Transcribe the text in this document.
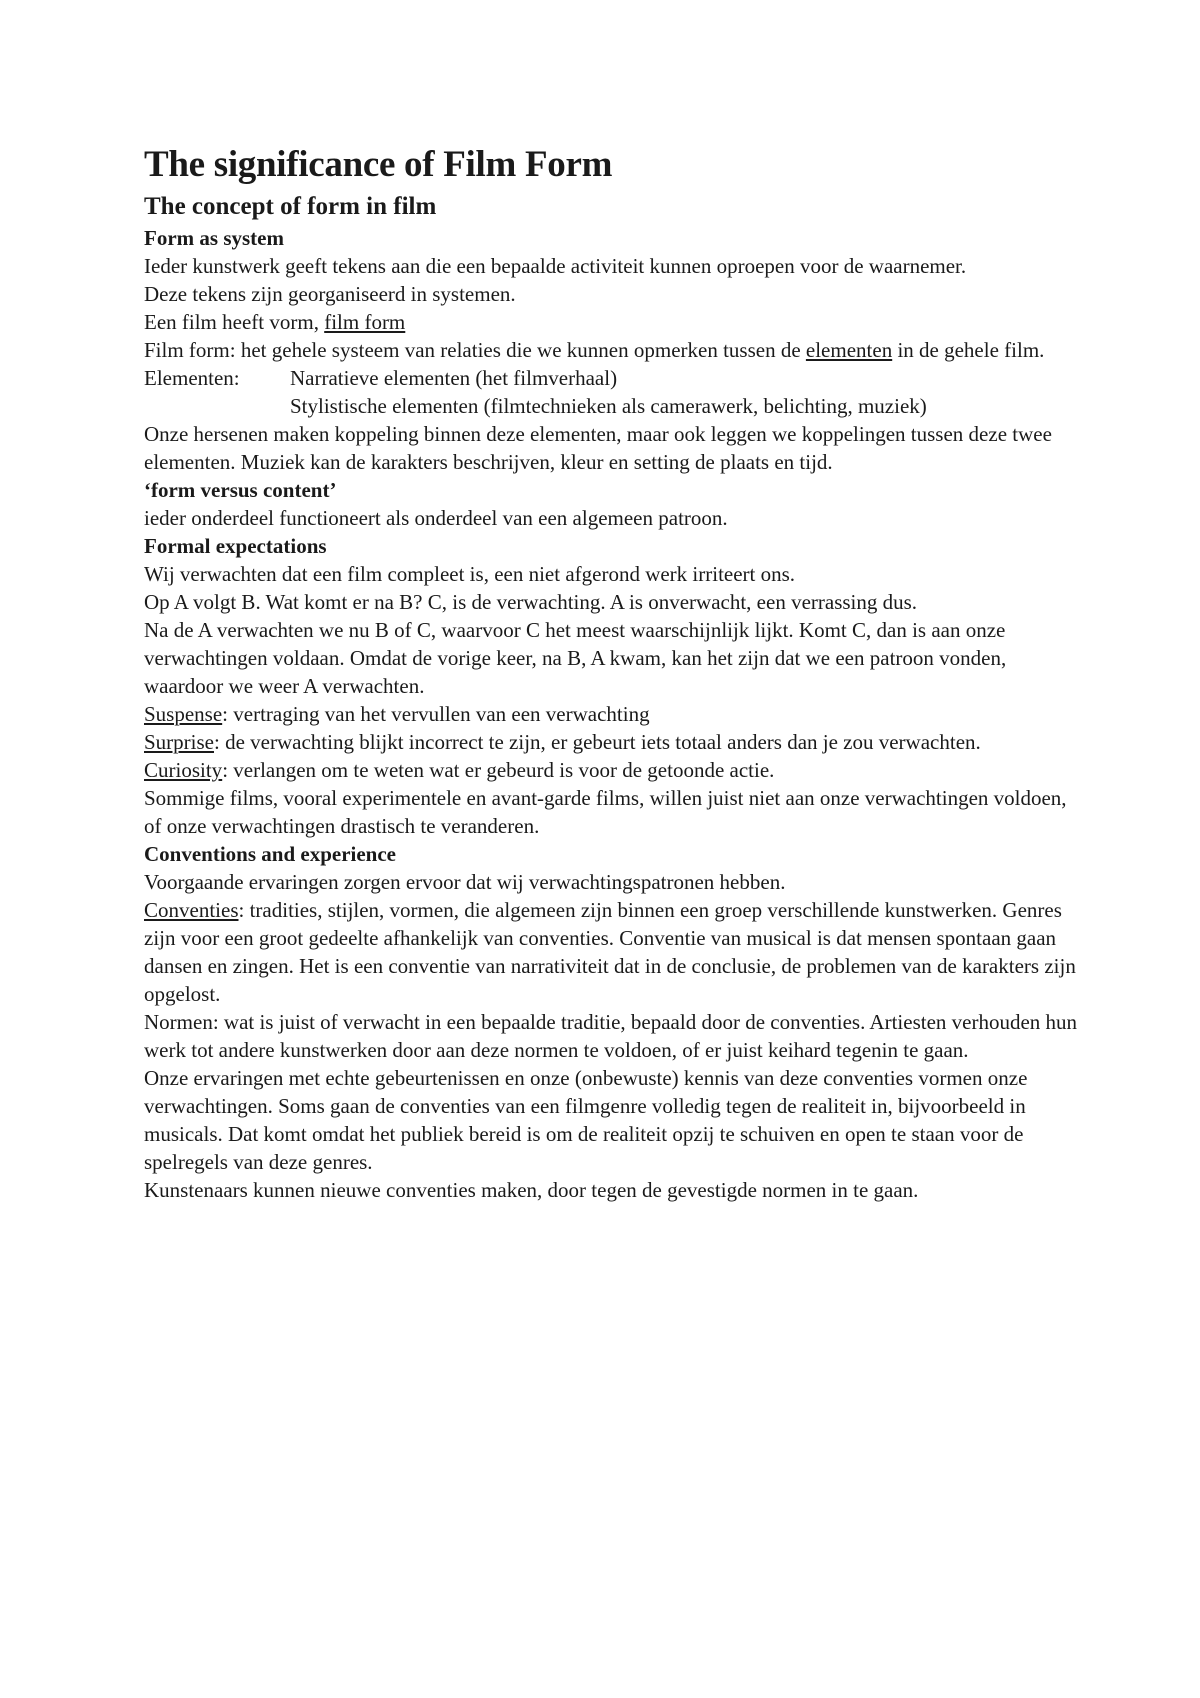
The significance of Film Form
The concept of form in film
Form as system

Ieder kunstwerk geeft tekens aan die een bepaalde activiteit kunnen oproepen voor de waarnemer.

Deze tekens zijn georganiseerd in systemen.

Een film heeft vorm, film form

Film form: het gehele systeem van relaties die we kunnen opmerken tussen de elementen in de gehele film.

Elementen:	Narratieve elementen (het filmverhaal)
Stylistische elementen (filmtechnieken als camerawerk, belichting, muziek)

Onze hersenen maken koppeling binnen deze elementen, maar ook leggen we koppelingen tussen deze twee elementen. Muziek kan de karakters beschrijven, kleur en setting de plaats en tijd.

‘form versus content’

ieder onderdeel functioneert als onderdeel van een algemeen patroon.

Formal expectations

Wij verwachten dat een film compleet is, een niet afgerond werk irriteert ons.

Op A volgt B. Wat komt er na B? C, is de verwachting. A is onverwacht, een verrassing dus.

Na de A verwachten we nu B of C, waarvoor C het meest waarschijnlijk lijkt. Komt C, dan is aan onze verwachtingen voldaan. Omdat de vorige keer, na B, A kwam, kan het zijn dat we een patroon vonden, waardoor we weer A verwachten.

Suspense: vertraging van het vervullen van een verwachting

Surprise: de verwachting blijkt incorrect te zijn, er gebeurt iets totaal anders dan je zou verwachten.

Curiosity: verlangen om te weten wat er gebeurd is voor de getoonde actie.

Sommige films, vooral experimentele en avant-garde films, willen juist niet aan onze verwachtingen voldoen, of onze verwachtingen drastisch te veranderen.

Conventions and experience

Voorgaande ervaringen zorgen ervoor dat wij verwachtingspatronen hebben.

Conventies: tradities, stijlen, vormen, die algemeen zijn binnen een groep verschillende kunstwerken. Genres zijn voor een groot gedeelte afhankelijk van conventies. Conventie van musical is dat mensen spontaan gaan dansen en zingen. Het is een conventie van narrativiteit dat in de conclusie, de problemen van de karakters zijn opgelost.

Normen: wat is juist of verwacht in een bepaalde traditie, bepaald door de conventies. Artiesten verhouden hun werk tot andere kunstwerken door aan deze normen te voldoen, of er juist keihard tegenin te gaan.

Onze ervaringen met echte gebeurtenissen en onze (onbewuste) kennis van deze conventies vormen onze verwachtingen. Soms gaan de conventies van een filmgenre volledig tegen de realiteit in, bijvoorbeeld in musicals. Dat komt omdat het publiek bereid is om de realiteit opzij te schuiven en open te staan voor de spelregels van deze genres.

Kunstenaars kunnen nieuwe conventies maken, door tegen de gevestigde normen in te gaan.
